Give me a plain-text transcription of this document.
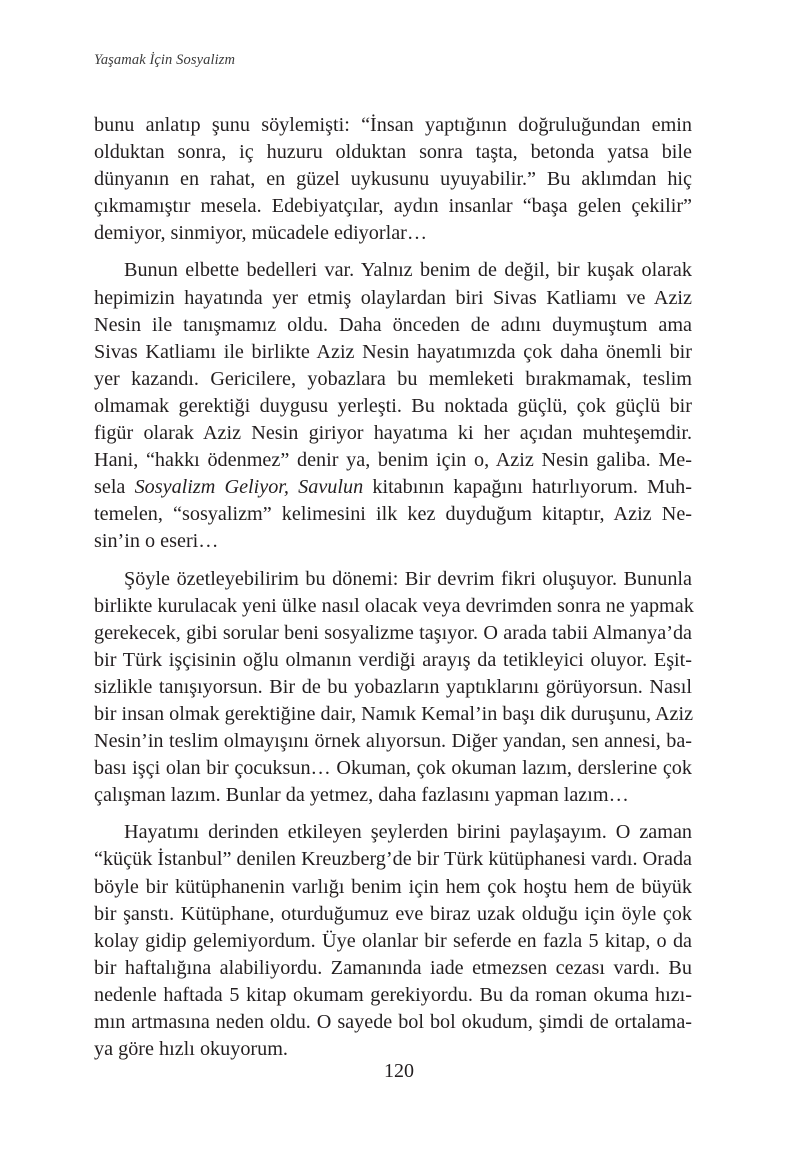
Yaşamak İçin Sosyalizm

bunu anlatıp şunu söylemişti: “İnsan yaptığının doğruluğundan emin
olduktan sonra, iç huzuru olduktan sonra taşta, betonda yatsa bile
dünyanın en rahat, en güzel uykusunu uyuyabilir.” Bu aklımdan hiç
çıkmamıştır mesela. Edebiyatçılar, aydın insanlar “başa gelen çekilir”
demiyor, sinmiyor, mücadele ediyorlar…

Bunun elbette bedelleri var. Yalnız benim de değil, bir kuşak olarak
hepimizin hayatında yer etmiş olaylardan biri Sivas Katliamı ve Aziz
Nesin ile tanışmamız oldu. Daha önceden de adını duymuştum ama
Sivas Katliamı ile birlikte Aziz Nesin hayatımızda çok daha önemli bir
yer kazandı. Gericilere, yobazlara bu memleketi bırakmamak, teslim
olmamak gerektiği duygusu yerleşti. Bu noktada güçlü, çok güçlü bir
figür olarak Aziz Nesin giriyor hayatıma ki her açıdan muhteşemdir.
Hani, “hakkı ödenmez” denir ya, benim için o, Aziz Nesin galiba. Me-
sela Sosyalizm Geliyor, Savulun kitabının kapağını hatırlıyorum. Muh-
temelen, “sosyalizm” kelimesini ilk kez duyduğum kitaptır, Aziz Ne-
sin’in o eseri…

Şöyle özetleyebilirim bu dönemi: Bir devrim fikri oluşuyor. Bununla
birlikte kurulacak yeni ülke nasıl olacak veya devrimden sonra ne yapmak
gerekecek, gibi sorular beni sosyalizme taşıyor. O arada tabii Almanya’da
bir Türk işçisinin oğlu olmanın verdiği arayış da tetikleyici oluyor. Eşit-
sizlikle tanışıyorsun. Bir de bu yobazların yaptıklarını görüyorsun. Nasıl
bir insan olmak gerektiğine dair, Namık Kemal’in başı dik duruşunu, Aziz
Nesin’in teslim olmayışını örnek alıyorsun. Diğer yandan, sen annesi, ba-
bası işçi olan bir çocuksun… Okuman, çok okuman lazım, derslerine çok
çalışman lazım. Bunlar da yetmez, daha fazlasını yapman lazım…

Hayatımı derinden etkileyen şeylerden birini paylaşayım. O zaman
“küçük İstanbul” denilen Kreuzberg’de bir Türk kütüphanesi vardı. Orada
böyle bir kütüphanenin varlığı benim için hem çok hoştu hem de büyük
bir şanstı. Kütüphane, oturduğumuz eve biraz uzak olduğu için öyle çok
kolay gidip gelemiyordum. Üye olanlar bir seferde en fazla 5 kitap, o da
bir haftalığına alabiliyordu. Zamanında iade etmezsen cezası vardı. Bu
nedenle haftada 5 kitap okumam gerekiyordu. Bu da roman okuma hızı-
mın artmasına neden oldu. O sayede bol bol okudum, şimdi de ortalama-
ya göre hızlı okuyorum.

120
